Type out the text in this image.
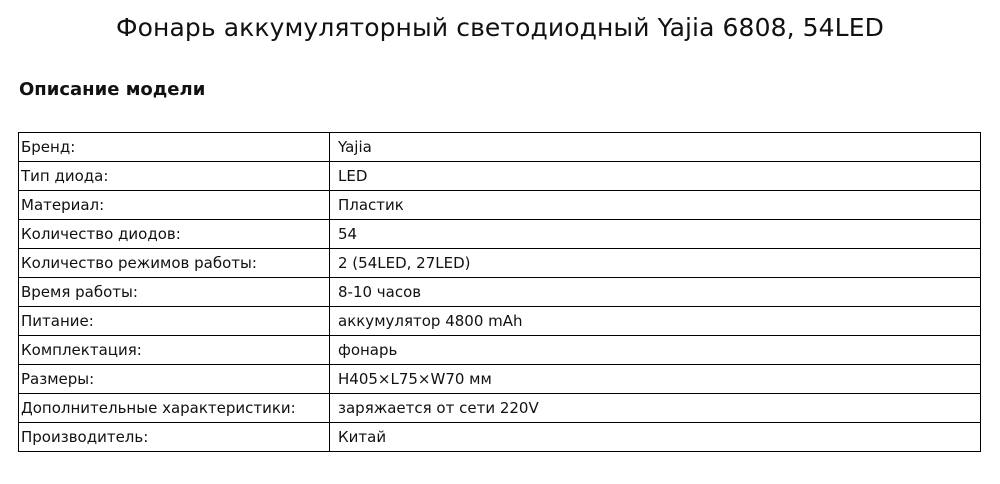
Фонарь аккумуляторный светодиодный Yajia 6808, 54LED
Описание модели
Бренд:	Yajia
Тип диода:	LED
Материал:	Пластик
Количество диодов:	54
Количество режимов работы:	2 (54LED, 27LED)
Время работы:	8-10 часов
Питание:	аккумулятор 4800 mAh
Комплектация:	фонарь
Размеры:	H405×L75×W70 мм
Дополнительные характеристики:	заряжается от сети 220V
Производитель:	Китай
